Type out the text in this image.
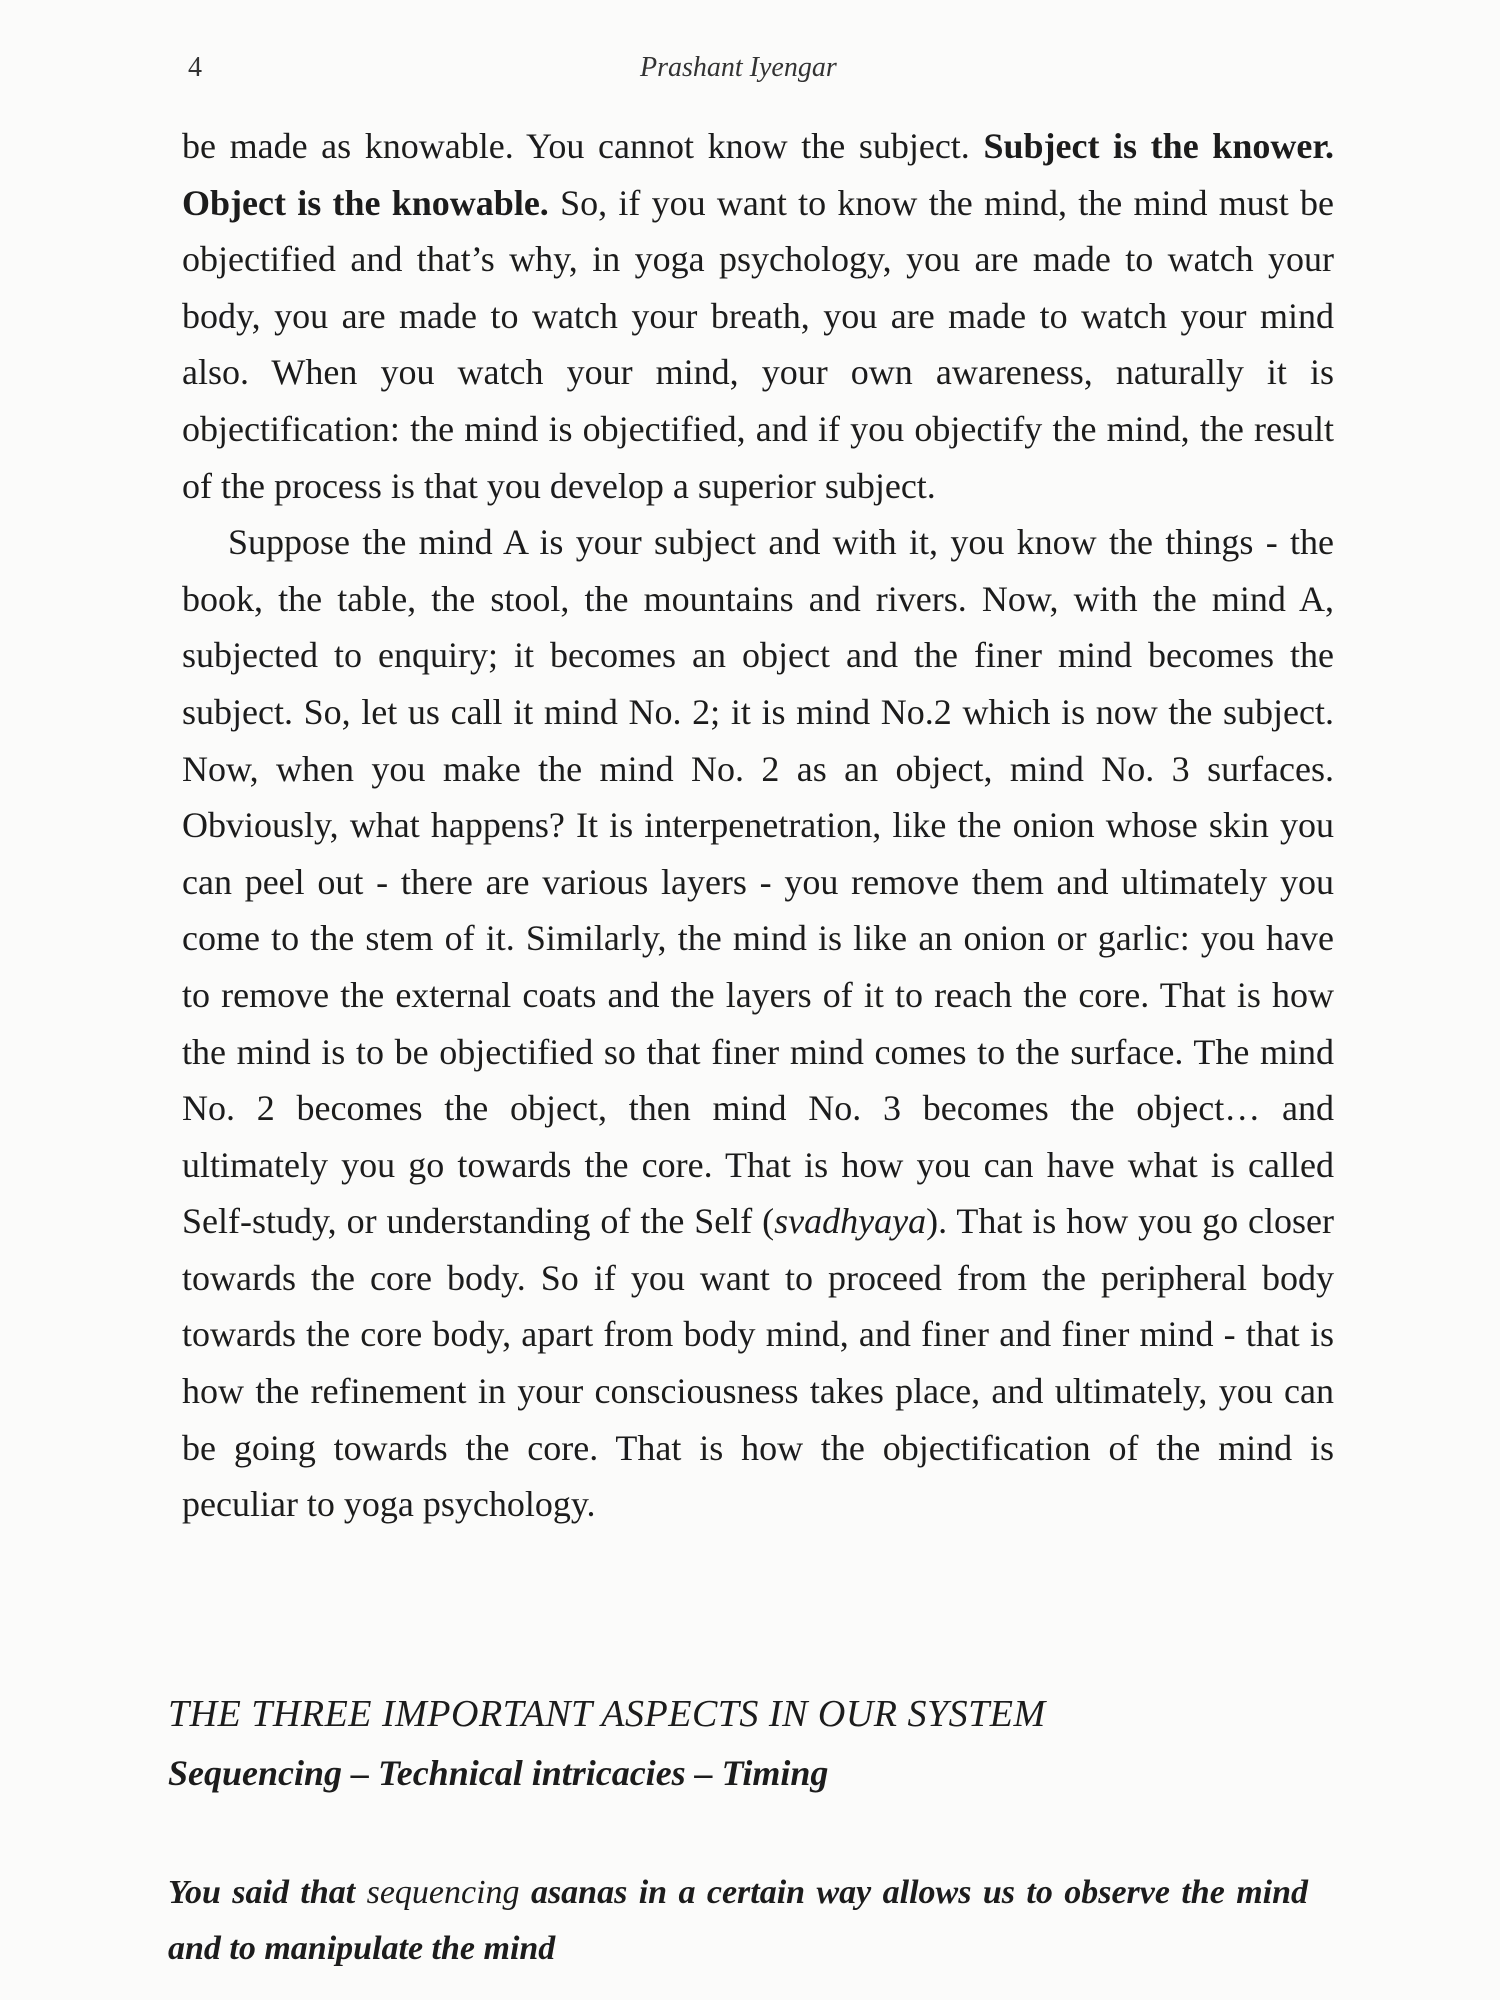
4	Prashant Iyengar

be made as knowable. You cannot know the subject. Subject is the knower. Object is the knowable. So, if you want to know the mind, the mind must be objectified and that’s why, in yoga psychology, you are made to watch your body, you are made to watch your breath, you are made to watch your mind also. When you watch your mind, your own awareness, naturally it is objectification: the mind is objectified, and if you objectify the mind, the result of the process is that you develop a superior subject.

Suppose the mind A is your subject and with it, you know the things - the book, the table, the stool, the mountains and rivers. Now, with the mind A, subjected to enquiry; it becomes an object and the finer mind becomes the subject. So, let us call it mind No. 2; it is mind No.2 which is now the subject. Now, when you make the mind No. 2 as an object, mind No. 3 surfaces. Obviously, what happens? It is interpenetration, like the onion whose skin you can peel out - there are various layers - you remove them and ultimately you come to the stem of it. Similarly, the mind is like an onion or garlic: you have to remove the external coats and the layers of it to reach the core. That is how the mind is to be objectified so that finer mind comes to the surface. The mind No. 2 becomes the object, then mind No. 3 becomes the object… and ultimately you go towards the core. That is how you can have what is called Self-study, or understanding of the Self (svadhyaya). That is how you go closer towards the core body. So if you want to proceed from the peripheral body towards the core body, apart from body mind, and finer and finer mind - that is how the refinement in your consciousness takes place, and ultimately, you can be going towards the core. That is how the objectification of the mind is peculiar to yoga psychology.

THE THREE IMPORTANT ASPECTS IN OUR SYSTEM
Sequencing – Technical intricacies – Timing

You said that sequencing asanas in a certain way allows us to observe the mind and to manipulate the mind
